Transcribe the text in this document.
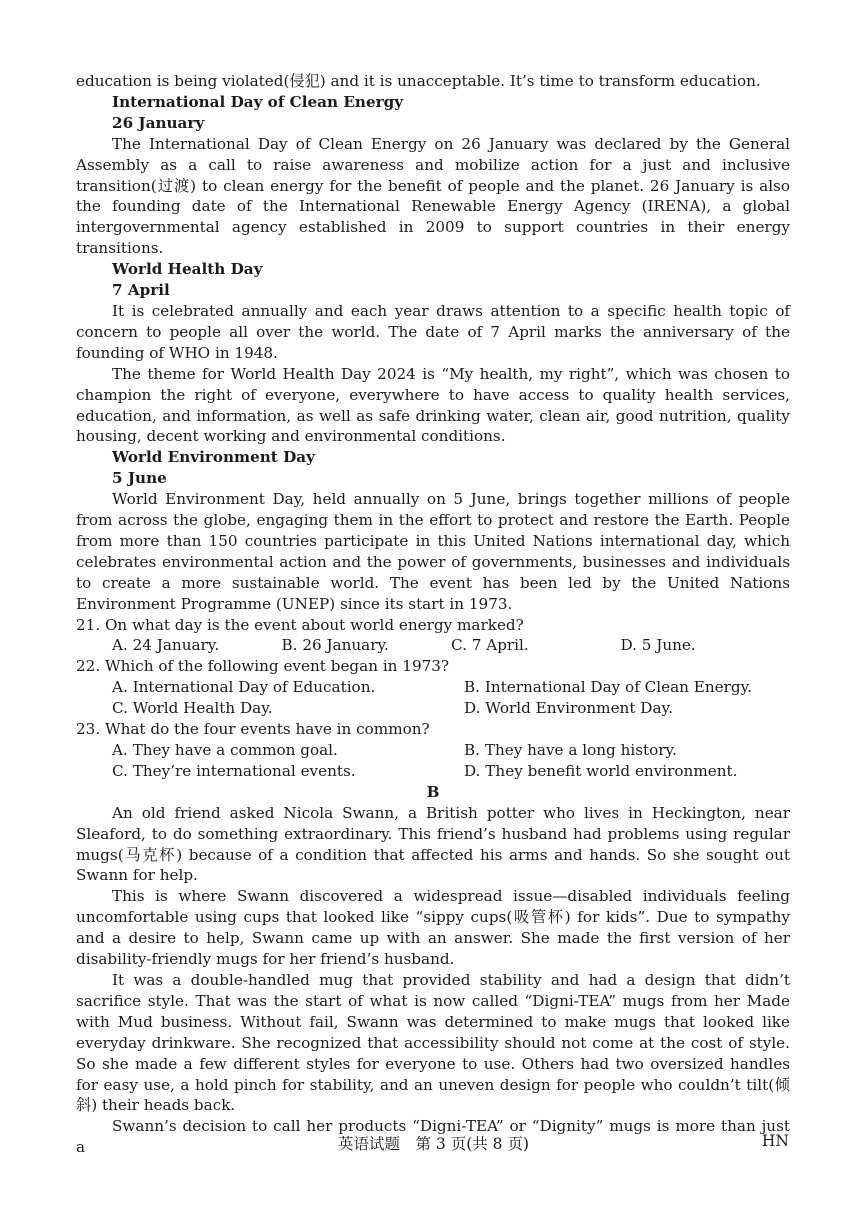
education is being violated(侵犯) and it is unacceptable. It’s time to transform education.

International Day of Clean Energy

26 January

The International Day of Clean Energy on 26 January was declared by the General Assembly as a call to raise awareness and mobilize action for a just and inclusive transition(过渡) to clean energy for the benefit of people and the planet. 26 January is also the founding date of the International Renewable Energy Agency (IRENA), a global intergovernmental agency established in 2009 to support countries in their energy transitions.

World Health Day

7 April

It is celebrated annually and each year draws attention to a specific health topic of concern to people all over the world. The date of 7 April marks the anniversary of the founding of WHO in 1948.

The theme for World Health Day 2024 is “My health, my right”, which was chosen to champion the right of everyone, everywhere to have access to quality health services, education, and information, as well as safe drinking water, clean air, good nutrition, quality housing, decent working and environmental conditions.

World Environment Day

5 June

World Environment Day, held annually on 5 June, brings together millions of people from across the globe, engaging them in the effort to protect and restore the Earth. People from more than 150 countries participate in this United Nations international day, which celebrates environmental action and the power of governments, businesses and individuals to create a more sustainable world. The event has been led by the United Nations Environment Programme (UNEP) since its start in 1973.

21. On what day is the event about world energy marked?

A. 24 January.	B. 26 January.	C. 7 April.	D. 5 June.

22. Which of the following event began in 1973?

A. International Day of Education.	B. International Day of Clean Energy.
C. World Health Day.	D. World Environment Day.

23. What do the four events have in common?

A. They have a common goal.	B. They have a long history.
C. They’re international events.	D. They benefit world environment.

B

An old friend asked Nicola Swann, a British potter who lives in Heckington, near Sleaford, to do something extraordinary. This friend’s husband had problems using regular mugs(马克杯) because of a condition that affected his arms and hands. So she sought out Swann for help.

This is where Swann discovered a widespread issue—disabled individuals feeling uncomfortable using cups that looked like “sippy cups(吸管杯) for kids”. Due to sympathy and a desire to help, Swann came up with an answer. She made the first version of her disability-friendly mugs for her friend’s husband.

It was a double-handled mug that provided stability and had a design that didn’t sacrifice style. That was the start of what is now called “Digni-TEA” mugs from her Made with Mud business. Without fail, Swann was determined to make mugs that looked like everyday drinkware. She recognized that accessibility should not come at the cost of style. So she made a few different styles for everyone to use. Others had two oversized handles for easy use, a hold pinch for stability, and an uneven design for people who couldn’t tilt(倾斜) their heads back.

Swann’s decision to call her products “Digni-TEA” or “Dignity” mugs is more than just a	英语试题　第 3 页(共 8 页)	HN
